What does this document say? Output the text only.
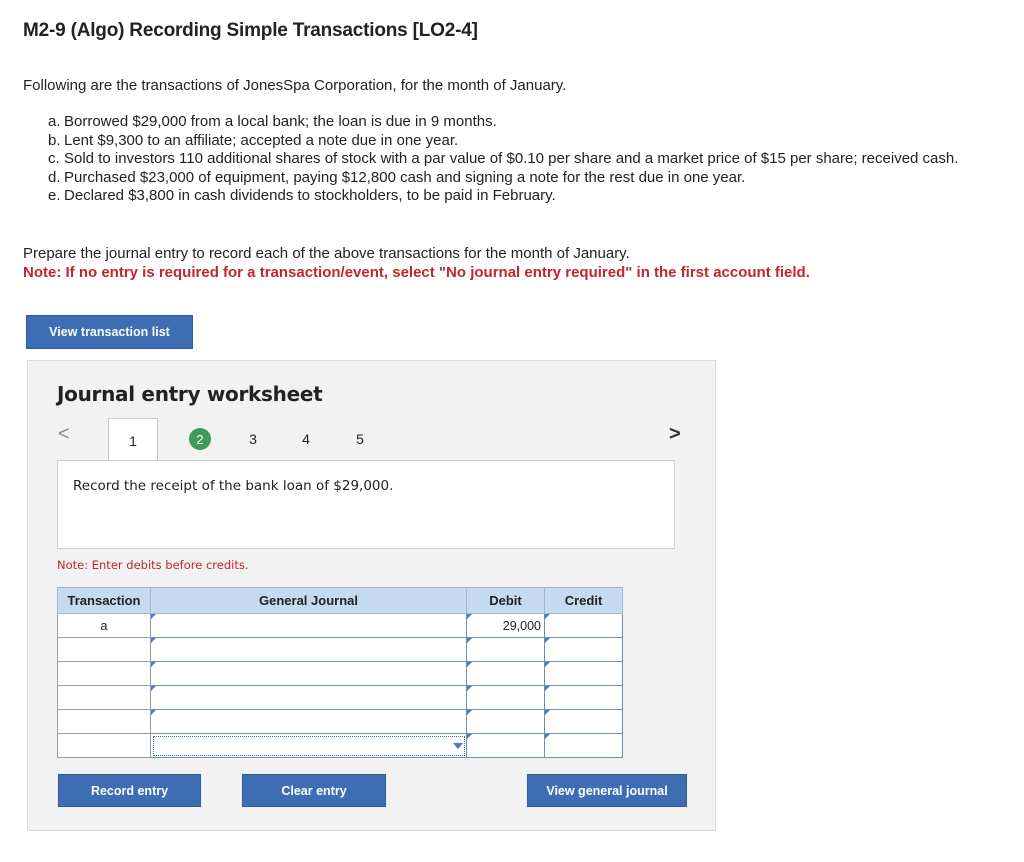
M2-9 (Algo) Recording Simple Transactions [LO2-4]
Following are the transactions of JonesSpa Corporation, for the month of January.
a. Borrowed $29,000 from a local bank; the loan is due in 9 months.
b. Lent $9,300 to an affiliate; accepted a note due in one year.
c. Sold to investors 110 additional shares of stock with a par value of $0.10 per share and a market price of $15 per share; received cash.
d. Purchased $23,000 of equipment, paying $12,800 cash and signing a note for the rest due in one year.
e. Declared $3,800 in cash dividends to stockholders, to be paid in February.
Prepare the journal entry to record each of the above transactions for the month of January.
Note: If no entry is required for a transaction/event, select "No journal entry required" in the first account field.
View transaction list
Journal entry worksheet
<	1	2	3	4	5	>
Record the receipt of the bank loan of $29,000.
Note: Enter debits before credits.
Transaction	General Journal	Debit	Credit
a		29,000	

Record entry	Clear entry	View general journal
